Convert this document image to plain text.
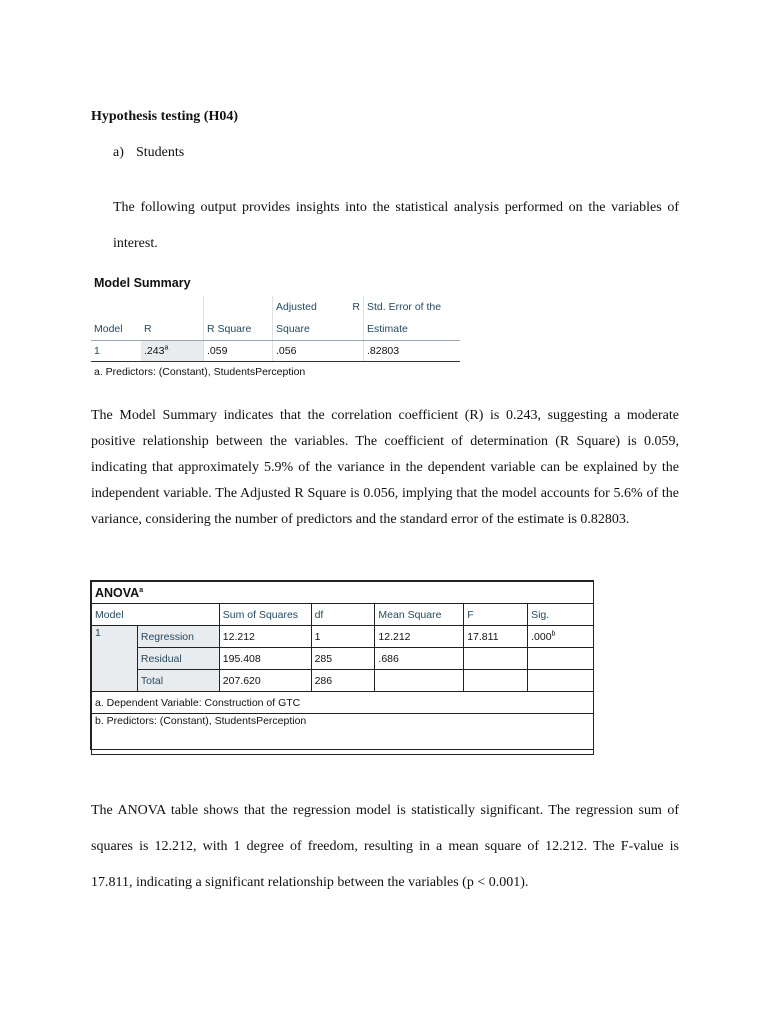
Hypothesis testing (H04)
a) Students
The following output provides insights into the statistical analysis performed on the variables of interest.
Model Summary
			Adjusted R	Std. Error of the
Model	R	R Square	Square	Estimate
1	.243$^a$	.059	.056	.82803
a. Predictors: (Constant), StudentsPerception
The Model Summary indicates that the correlation coefficient (R) is 0.243, suggesting a moderate positive relationship between the variables. The coefficient of determination (R Square) is 0.059, indicating that approximately 5.9% of the variance in the dependent variable can be explained by the independent variable. The Adjusted R Square is 0.056, implying that the model accounts for 5.6% of the variance, considering the number of predictors and the standard error of the estimate is 0.82803.
ANOVA$^a$
Model		Sum of Squares	df	Mean Square	F	Sig.
1	Regression	12.212	1	12.212	17.811	.000$^b$
	Residual	195.408	285	.686		
	Total	207.620	286			
a. Dependent Variable: Construction of GTC						
b. Predictors: (Constant), StudentsPerception						
The ANOVA table shows that the regression model is statistically significant. The regression sum of squares is 12.212, with 1 degree of freedom, resulting in a mean square of 12.212. The F-value is 17.811, indicating a significant relationship between the variables (p < 0.001).
